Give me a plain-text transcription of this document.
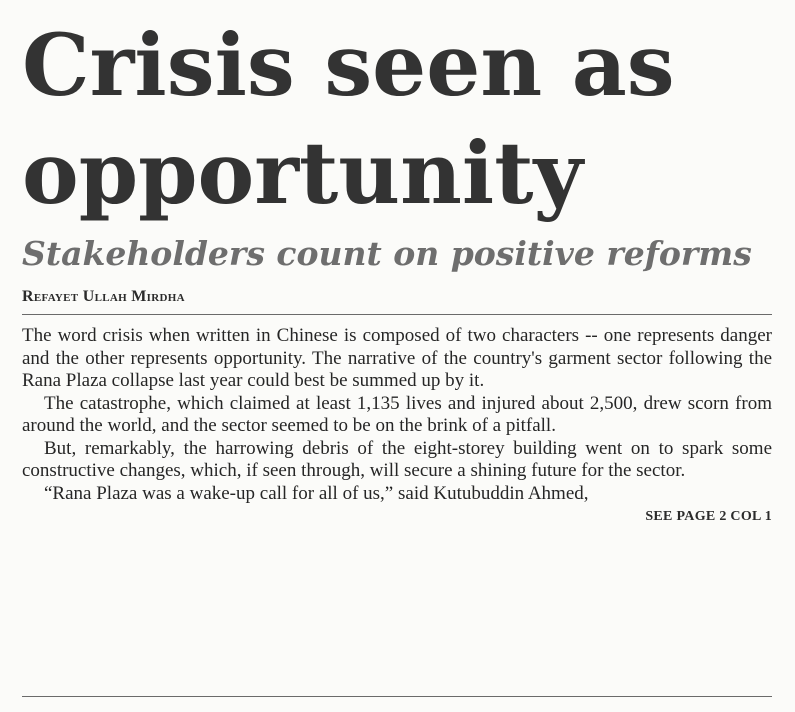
Crisis seen as
opportunity
Stakeholders count on positive reforms
Refayet Ullah Mirdha

The word crisis when written in Chinese is composed of two characters -- one represents danger and the other represents opportunity. The narrative of the country's garment sector following the Rana Plaza collapse last year could best be summed up by it.

The catastrophe, which claimed at least 1,135 lives and injured about 2,500, drew scorn from around the world, and the sector seemed to be on the brink of a pitfall.

But, remarkably, the harrowing debris of the eight-storey building went on to spark some constructive changes, which, if seen through, will secure a shining future for the sector.

“Rana Plaza was a wake-up call for all of us,” said Kutubuddin Ahmed,

SEE PAGE 2 COL 1
